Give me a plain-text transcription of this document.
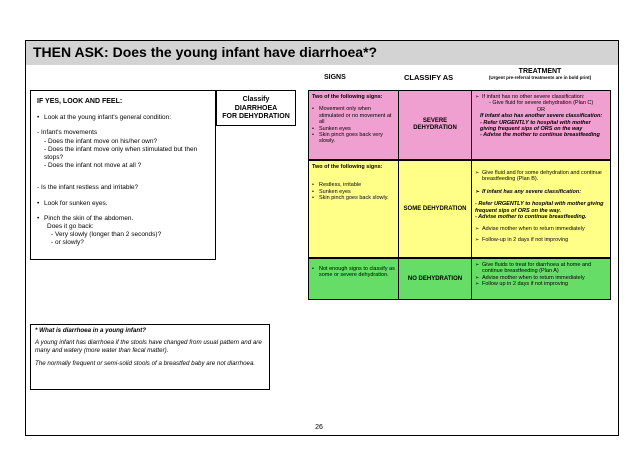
THEN ASK: Does the young infant have diarrhoea*?
SIGNS	CLASSIFY AS
TREATMENT
(Urgent pre-referral treatments are in bold print)
IF YES, LOOK AND FEEL:
• Look at the young infant's general condition:
- Infant's movements
- Does the infant move on his/her own?
- Does the infant move only when stimulated but then stops?
- Does the infant not move at all ?
- Is the infant restless and irritable?
• Look for sunken eyes.
• Pinch the skin of the abdomen.
Does it go back:
- Very slowly (longer than 2 seconds)?
- or slowly?
Classify
DIARRHOEA
FOR DEHYDRATION
Two of the following signs:
• Movement only when stimulated or no movement at all
• Sunken eyes
• Skin pinch goes back very slowly.
SEVERE
DEHYDRATION
➢ If infant has no other severe classification:
- Give fluid for severe dehydration (Plan C)
OR
If infant also has another severe classification:
- Refer URGENTLY to hospital with mother giving frequent sips of ORS on the way
- Advise the mother to continue breastfeeding
Two of the following signs:
• Restless, irritable
• Sunken eyes
• Skin pinch goes back slowly.
SOME DEHYDRATION
➢ Give fluid and for some dehydration and continue breastfeeding (Plan B).
➢ If infant has any severe classification:
- Refer URGENTLY to hospital with mother giving frequent sips of ORS on the way.
- Advise mother to continue breastfeeding.
➢ Advise mother when to return immediately
➢ Follow-up in 2 days if not improving
• Not enough signs to classify as some or severe dehydration.
NO DEHYDRATION
➢ Give fluids to treat for diarrhoea at home and continue breastfeeding (Plan A)
➢ Advise mother when to return immediately
➢ Follow up in 2 days if not improving
* What is diarrhoea in a young infant?
A young infant has diarrhoea if the stools have changed from usual pattern and are many and watery (more water than fecal matter).
The normally frequent or semi-solid stools of a breastfed baby are not diarrhoea.
26
